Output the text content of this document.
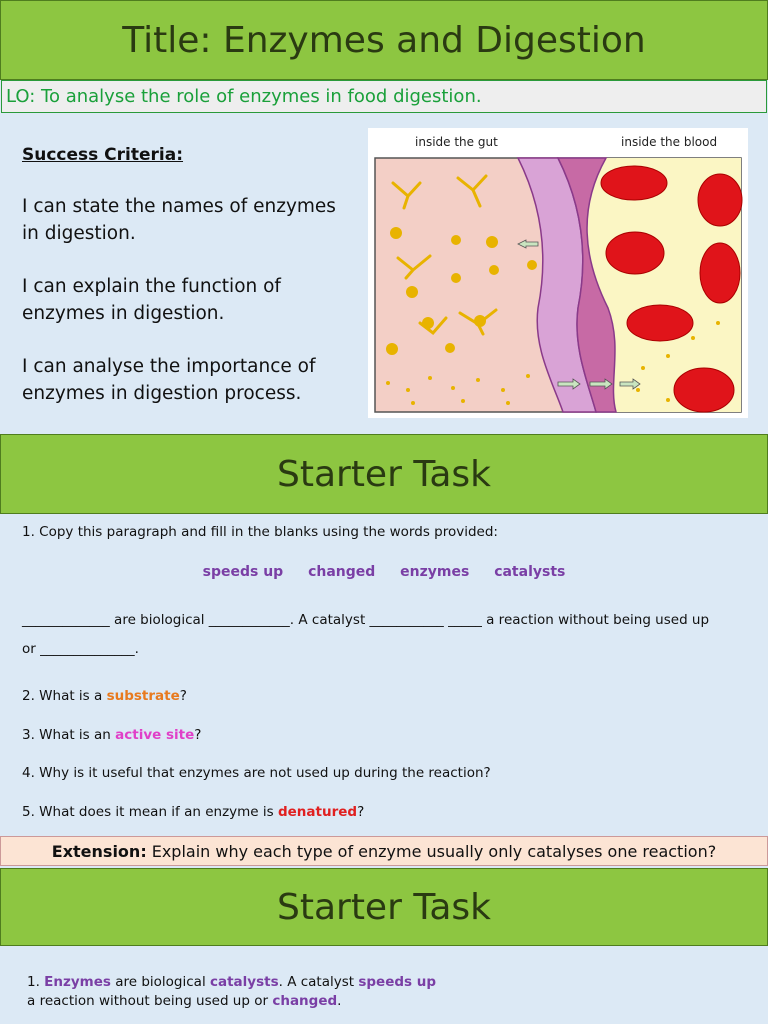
Title: Enzymes and Digestion
LO: To analyse the role of enzymes in food digestion.
Success Criteria:

I can state the names of enzymes in digestion.

I can explain the function of enzymes in digestion.

I can analyse the importance of enzymes in digestion process.

inside the gut	inside the blood
Starter Task
1. Copy this paragraph and fill in the blanks using the words provided:
speeds up changed enzymes catalysts
_____________ are biological ____________. A catalyst ___________ _____ a reaction without being used up
or ______________.
2. What is a substrate?
3. What is an active site?
4. Why is it useful that enzymes are not used up during the reaction?
5. What does it mean if an enzyme is denatured?
Extension: Explain why each type of enzyme usually only catalyses one reaction?
Starter Task
1. Enzymes are biological catalysts. A catalyst speeds up
a reaction without being used up or changed.
